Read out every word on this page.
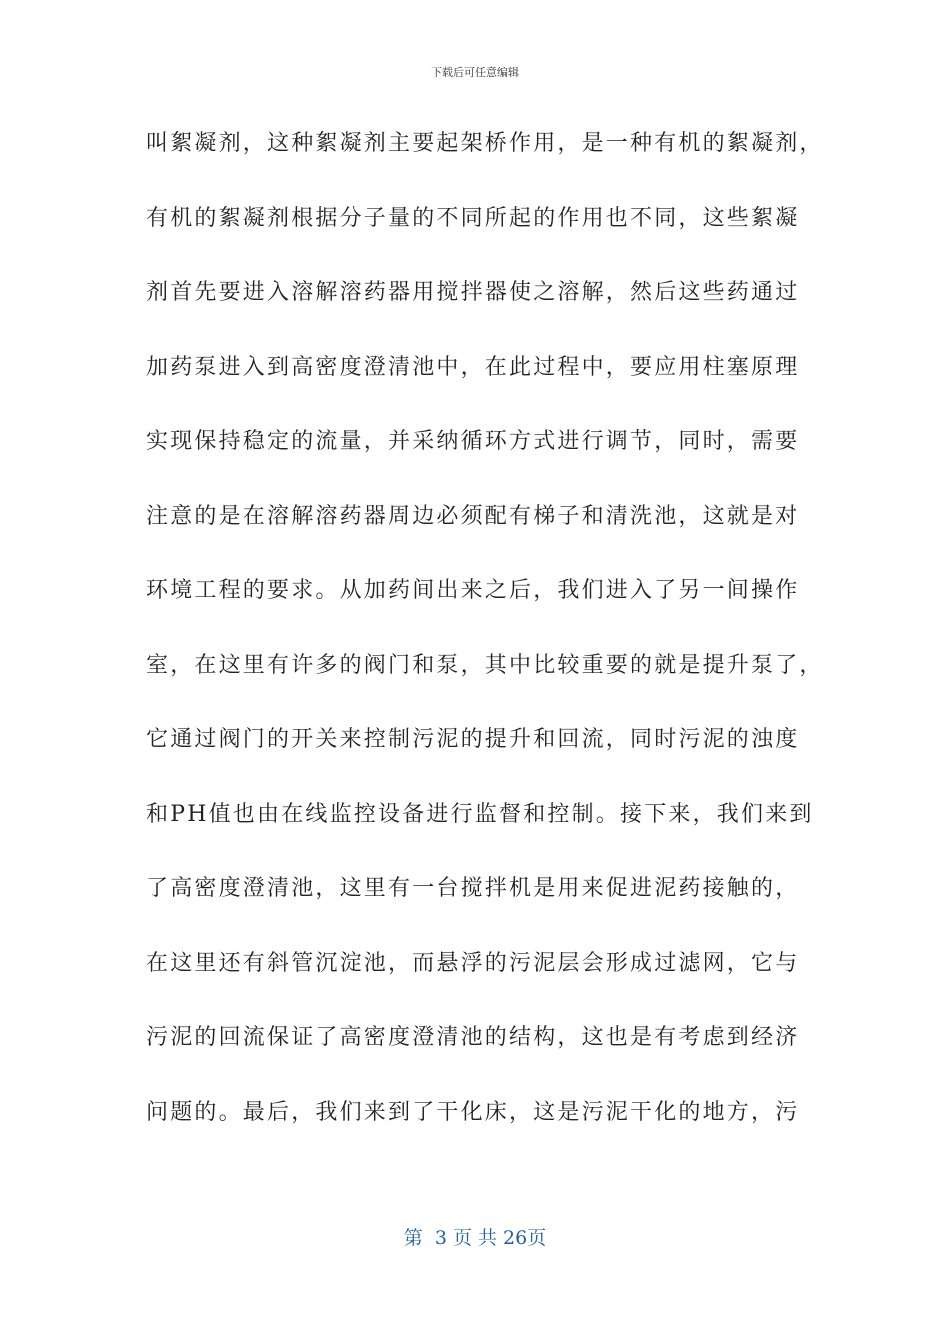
下载后可任意编辑
叫絮凝剂，这种絮凝剂主要起架桥作用，是一种有机的絮凝剂，
有机的絮凝剂根据分子量的不同所起的作用也不同，这些絮凝
剂首先要进入溶解溶药器用搅拌器使之溶解，然后这些药通过
加药泵进入到高密度澄清池中，在此过程中，要应用柱塞原理
实现保持稳定的流量，并采纳循环方式进行调节，同时，需要
注意的是在溶解溶药器周边必须配有梯子和清洗池，这就是对
环境工程的要求。从加药间出来之后，我们进入了另一间操作
室，在这里有许多的阀门和泵，其中比较重要的就是提升泵了，
它通过阀门的开关来控制污泥的提升和回流，同时污泥的浊度
和PH值也由在线监控设备进行监督和控制。接下来，我们来到
了高密度澄清池，这里有一台搅拌机是用来促进泥药接触的，
在这里还有斜管沉淀池，而悬浮的污泥层会形成过滤网，它与
污泥的回流保证了高密度澄清池的结构，这也是有考虑到经济
问题的。最后，我们来到了干化床，这是污泥干化的地方，污
第  3 页 共 26页
